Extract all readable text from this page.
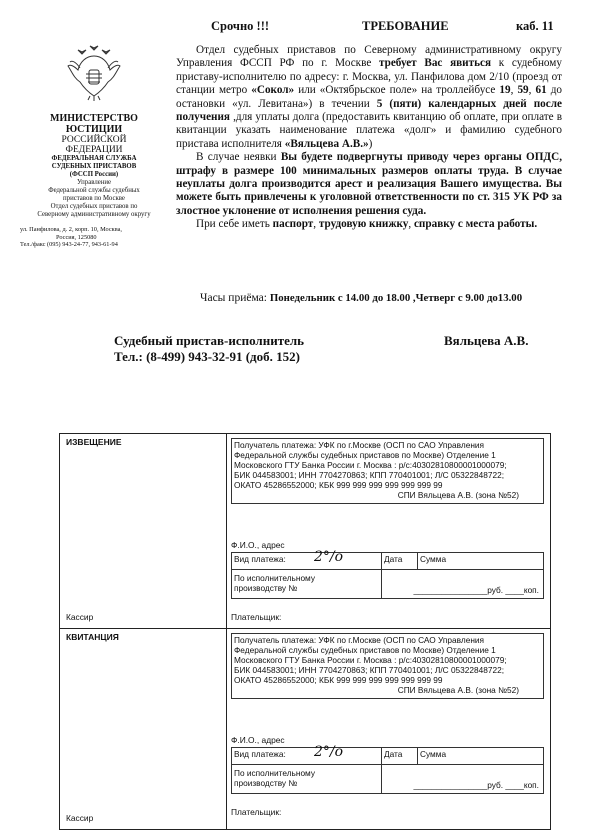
Срочно !!!	ТРЕБОВАНИЕ	каб. 11
МИНИСТЕРСТВО
ЮСТИЦИИ
РОССИЙСКОЙ
ФЕДЕРАЦИИ
ФЕДЕРАЛЬНАЯ СЛУЖБА
СУДЕБНЫХ ПРИСТАВОВ
(ФССП России)
Управление
Федеральной службы судебных
приставов по Москве
Отдел судебных приставов по
Северному административному округу
ул. Панфилова, д. 2, корп. 10, Москва,
Россия, 125080
Тел./факс (095) 943-24-77, 943-61-94

Отдел судебных приставов по Северному административному округу Управления ФССП РФ по г. Москве требует Вас явиться к судебному приставу-исполнителю по адресу: г. Москва, ул. Панфилова дом 2/10 (проезд от станции метро «Сокол» или «Октябрьское поле» на троллейбусе 19, 59, 61 до остановки «ул. Левитана») в течении 5 (пяти) календарных дней после получения ,для уплаты долга (предоставить квитанцию об оплате, при оплате в квитанции указать наименование платежа «долг» и фамилию судебного пристава исполнителя «Вяльцева А.В.»)

В случае неявки Вы будете подвергнуты приводу через органы ОПДС, штрафу в размере 100 минимальных размеров оплаты труда. В случае неуплаты долга производится арест и реализация Вашего имущества. Вы можете быть привлечены к уголовной ответственности по ст. 315 УК РФ за злостное уклонение от исполнения решения суда.

При себе иметь паспорт, трудовую книжку, справку с места работы.

Часы приёма: Понедельник с 14.00 до 18.00 ,Четверг с 9.00 до13.00
Судебный пристав-исполнитель
Тел.: (8-499) 943-32-91 (доб. 152)
Вяльцева А.В.
ИЗВЕЩЕНИЕ
Кассир
Получатель платежа: УФК по г.Москве (ОСП по САО Управления
Федеральной службы судебных приставов по Москве) Отделение 1
Московского ГТУ Банка России г. Москва : р/с:40302810800001000079;
БИК 044583001; ИНН 7704270863; КПП 770401001; Л/С 05322848722;
ОКАТО 45286552000; КБК 999 999 999 999 999 999 99
СПИ Вяльцева А.В. (зона №52)
Ф.И.О., адрес
Вид платежа: 2°/o	Дата	Сумма
По исполнительному
производству №	________________руб. ____коп.
Плательщик:
КВИТАНЦИЯ
Кассир
Получатель платежа: УФК по г.Москве (ОСП по САО Управления
Федеральной службы судебных приставов по Москве) Отделение 1
Московского ГТУ Банка России г. Москва : р/с:40302810800001000079;
БИК 044583001; ИНН 7704270863; КПП 770401001; Л/С 05322848722;
ОКАТО 45286552000; КБК 999 999 999 999 999 999 99
СПИ Вяльцева А.В. (зона №52)
Ф.И.О., адрес
Вид платежа: 2°/o	Дата	Сумма
По исполнительному
производству №	________________руб. ____коп.
Плательщик:
